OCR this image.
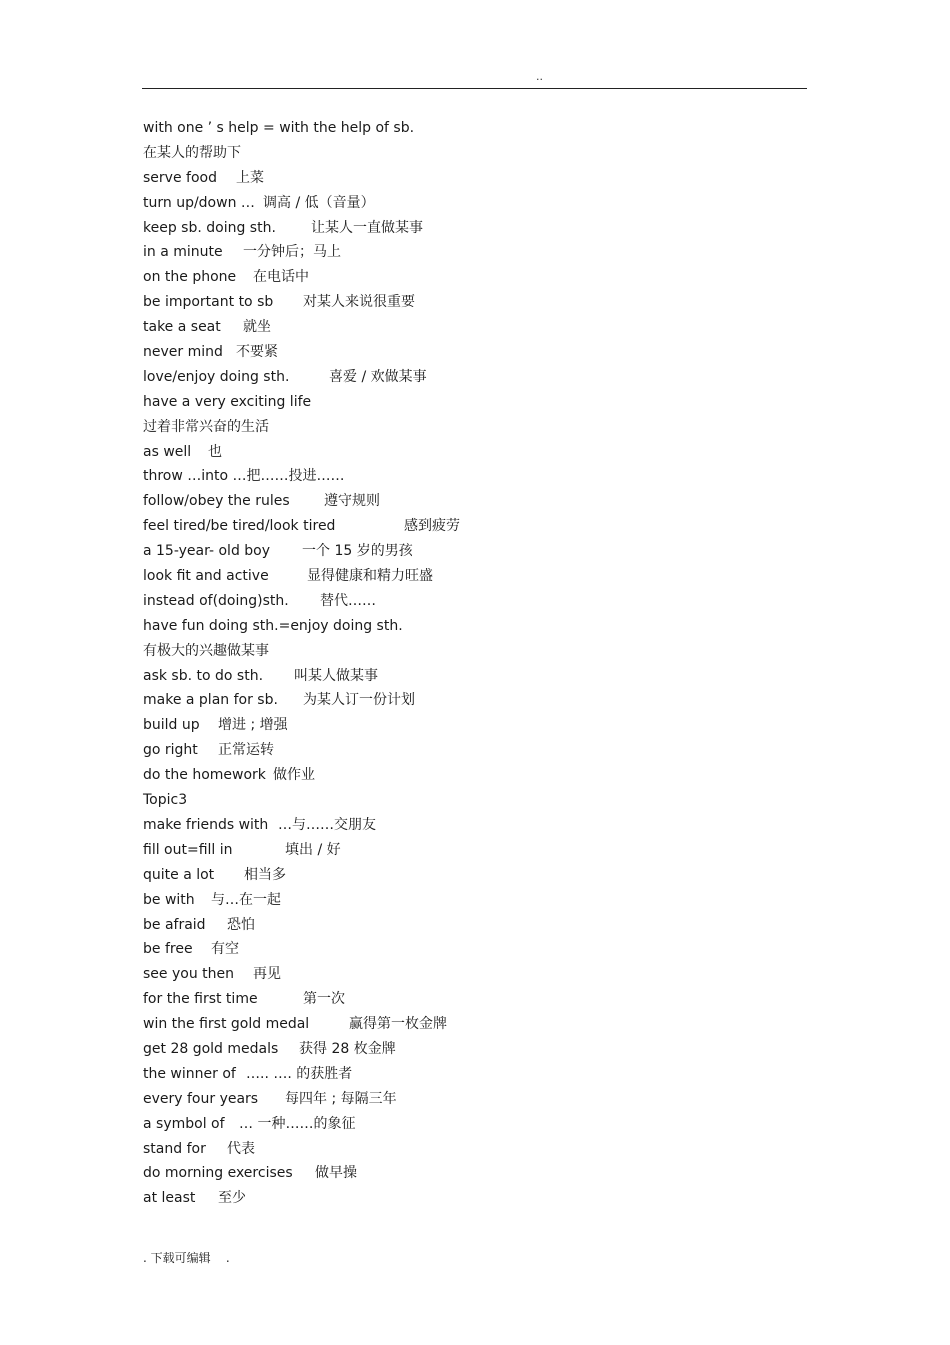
..
with one ’ s help = with the help of sb.
在某人的帮助下
serve food 上菜
turn up/down … 调高 / 低（音量）
keep sb. doing sth.	让某人一直做某事
in a minute 一分钟后；马上
on the phone 在电话中
be important to sb 对某人来说很重要
take a seat 就坐
never mind 不要紧
love/enjoy doing sth.	喜爱 / 欢做某事
have a very exciting life
过着非常兴奋的生活
as well 也
throw …into …把……投进……
follow/obey the rules 遵守规则
feel tired/be tired/look tired	感到疲劳
a 15-year- old boy 一个 15 岁的男孩
look fit and active	显得健康和精力旺盛
instead of(doing)sth. 替代……
have fun doing sth.=enjoy doing sth.
有极大的兴趣做某事
ask sb. to do sth. 叫某人做某事
make a plan for sb. 为某人订一份计划
build up 增进 ; 增强
go right 正常运转
do the homework 做作业
Topic3
make friends with …与……交朋友
fill out=fill in	填出 / 好
quite a lot 相当多
be with 与…在一起
be afraid 恐怕
be free 有空
see you then 再见
for the first time	第一次
win the first gold medal	赢得第一枚金牌
get 28 gold medals 获得 28 枚金牌
the winner of ….. …. 的获胜者
every four years 每四年 ; 每隔三年
a symbol of … 一种……的象征
stand for 代表
do morning exercises 做早操
at least 至少
. 下载可编辑    .
